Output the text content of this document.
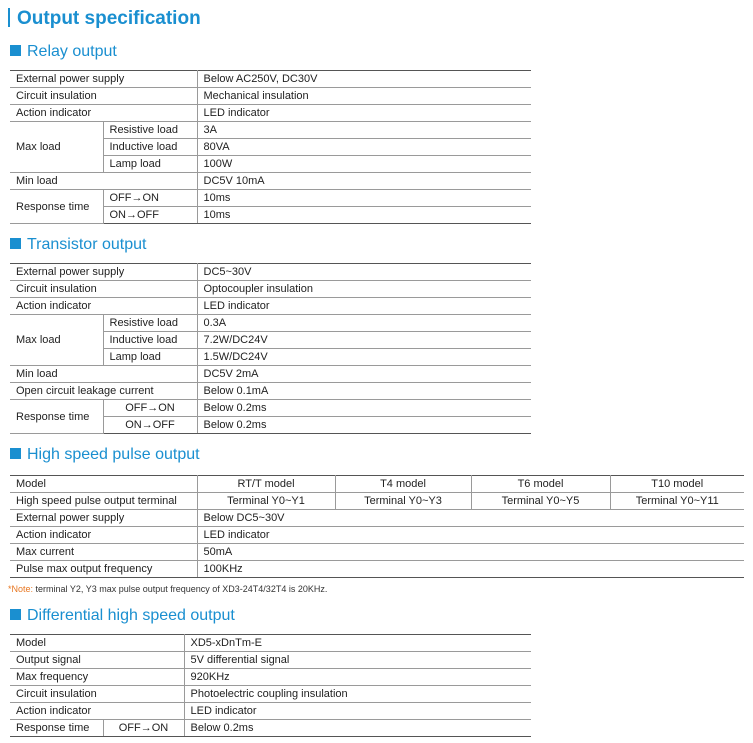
Output specification
Relay output
External power supply		Below AC250V, DC30V
Circuit insulation		Mechanical insulation
Action indicator		LED indicator
Max load	Resistive load	3A
	Inductive load	80VA
	Lamp load	100W
Min load		DC5V 10mA
Response time	OFF→ON	10ms
	ON→OFF	10ms
Transistor output
External power supply		DC5~30V
Circuit insulation		Optocoupler insulation
Action indicator		LED indicator
Max load	Resistive load	0.3A
	Inductive load	7.2W/DC24V
	Lamp load	1.5W/DC24V
Min load		DC5V 2mA
Open circuit leakage current		Below 0.1mA
Response time	OFF→ON	Below 0.2ms
	ON→OFF	Below 0.2ms
High speed pulse output
Model	RT/T model	T4 model	T6 model	T10 model
High speed pulse output terminal	Terminal Y0~Y1	Terminal Y0~Y3	Terminal Y0~Y5	Terminal Y0~Y11
External power supply	Below DC5~30V			
Action indicator	LED indicator			
Max current	50mA			
Pulse max output frequency	100KHz			
*Note: terminal Y2, Y3 max pulse output frequency of XD3-24T4/32T4 is 20KHz.
Differential high speed output
Model		XD5-xDnTm-E
Output signal		5V differential signal
Max frequency		920KHz
Circuit insulation		Photoelectric coupling insulation
Action indicator		LED indicator
Response time	OFF→ON	Below 0.2ms
